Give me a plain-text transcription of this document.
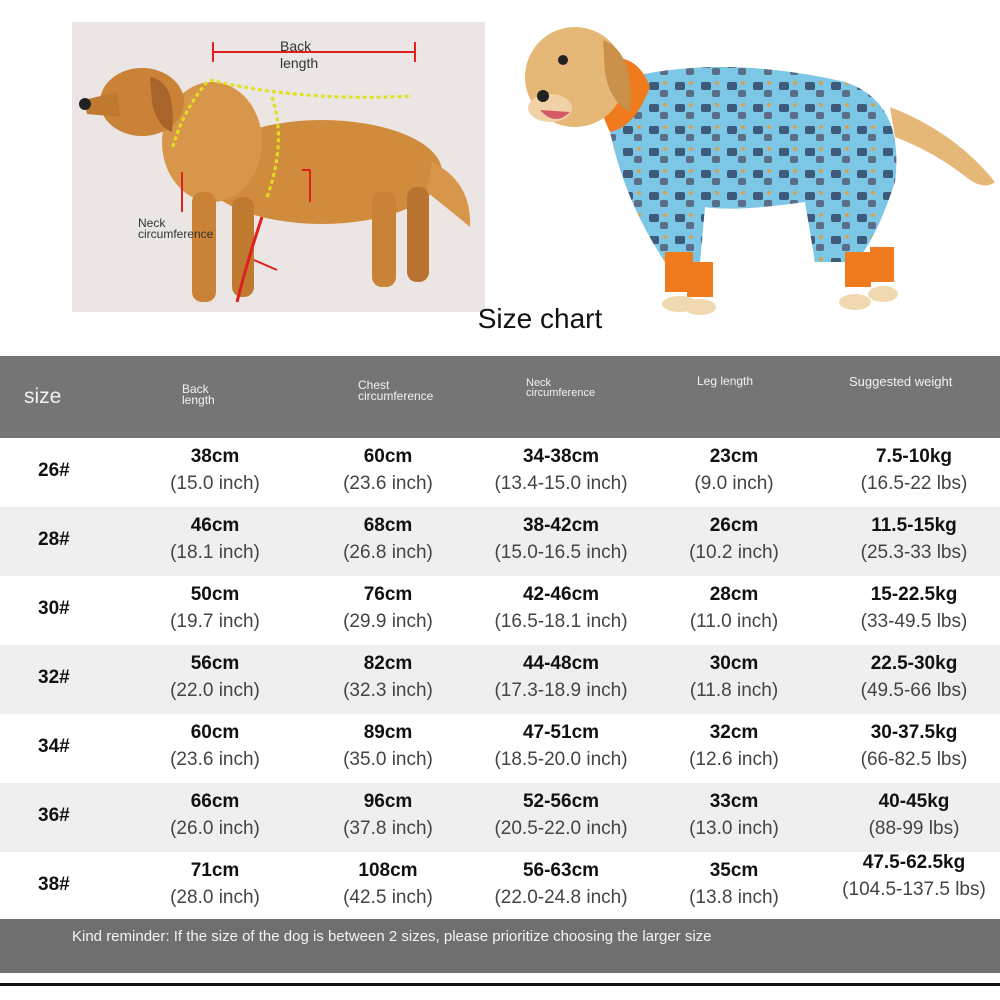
Back length
Neck circumference
Size chart
size	Back length
Chest circumference
Neck circumference
Leg length	Suggested weight
26#
38cm
(15.0 inch)
60cm
(23.6 inch)
34-38cm
(13.4-15.0 inch)
23cm
(9.0 inch)
7.5-10kg
(16.5-22 lbs)
28#
46cm
(18.1 inch)
68cm
(26.8 inch)
38-42cm
(15.0-16.5 inch)
26cm
(10.2 inch)
11.5-15kg
(25.3-33 lbs)
30#
50cm
(19.7 inch)
76cm
(29.9 inch)
42-46cm
(16.5-18.1 inch)
28cm
(11.0 inch)
15-22.5kg
(33-49.5 lbs)
32#
56cm
(22.0 inch)
82cm
(32.3 inch)
44-48cm
(17.3-18.9 inch)
30cm
(11.8 inch)
22.5-30kg
(49.5-66 lbs)
34#
60cm
(23.6 inch)
89cm
(35.0 inch)
47-51cm
(18.5-20.0 inch)
32cm
(12.6 inch)
30-37.5kg
(66-82.5 lbs)
36#
66cm
(26.0 inch)
96cm
(37.8 inch)
52-56cm
(20.5-22.0 inch)
33cm
(13.0 inch)
40-45kg
(88-99 lbs)
38#
71cm
(28.0 inch)
108cm
(42.5 inch)
56-63cm
(22.0-24.8 inch)
35cm
(13.8 inch)
47.5-62.5kg
(104.5-137.5 lbs)
Kind reminder: If the size of the dog is between 2 sizes, please prioritize choosing the larger size
